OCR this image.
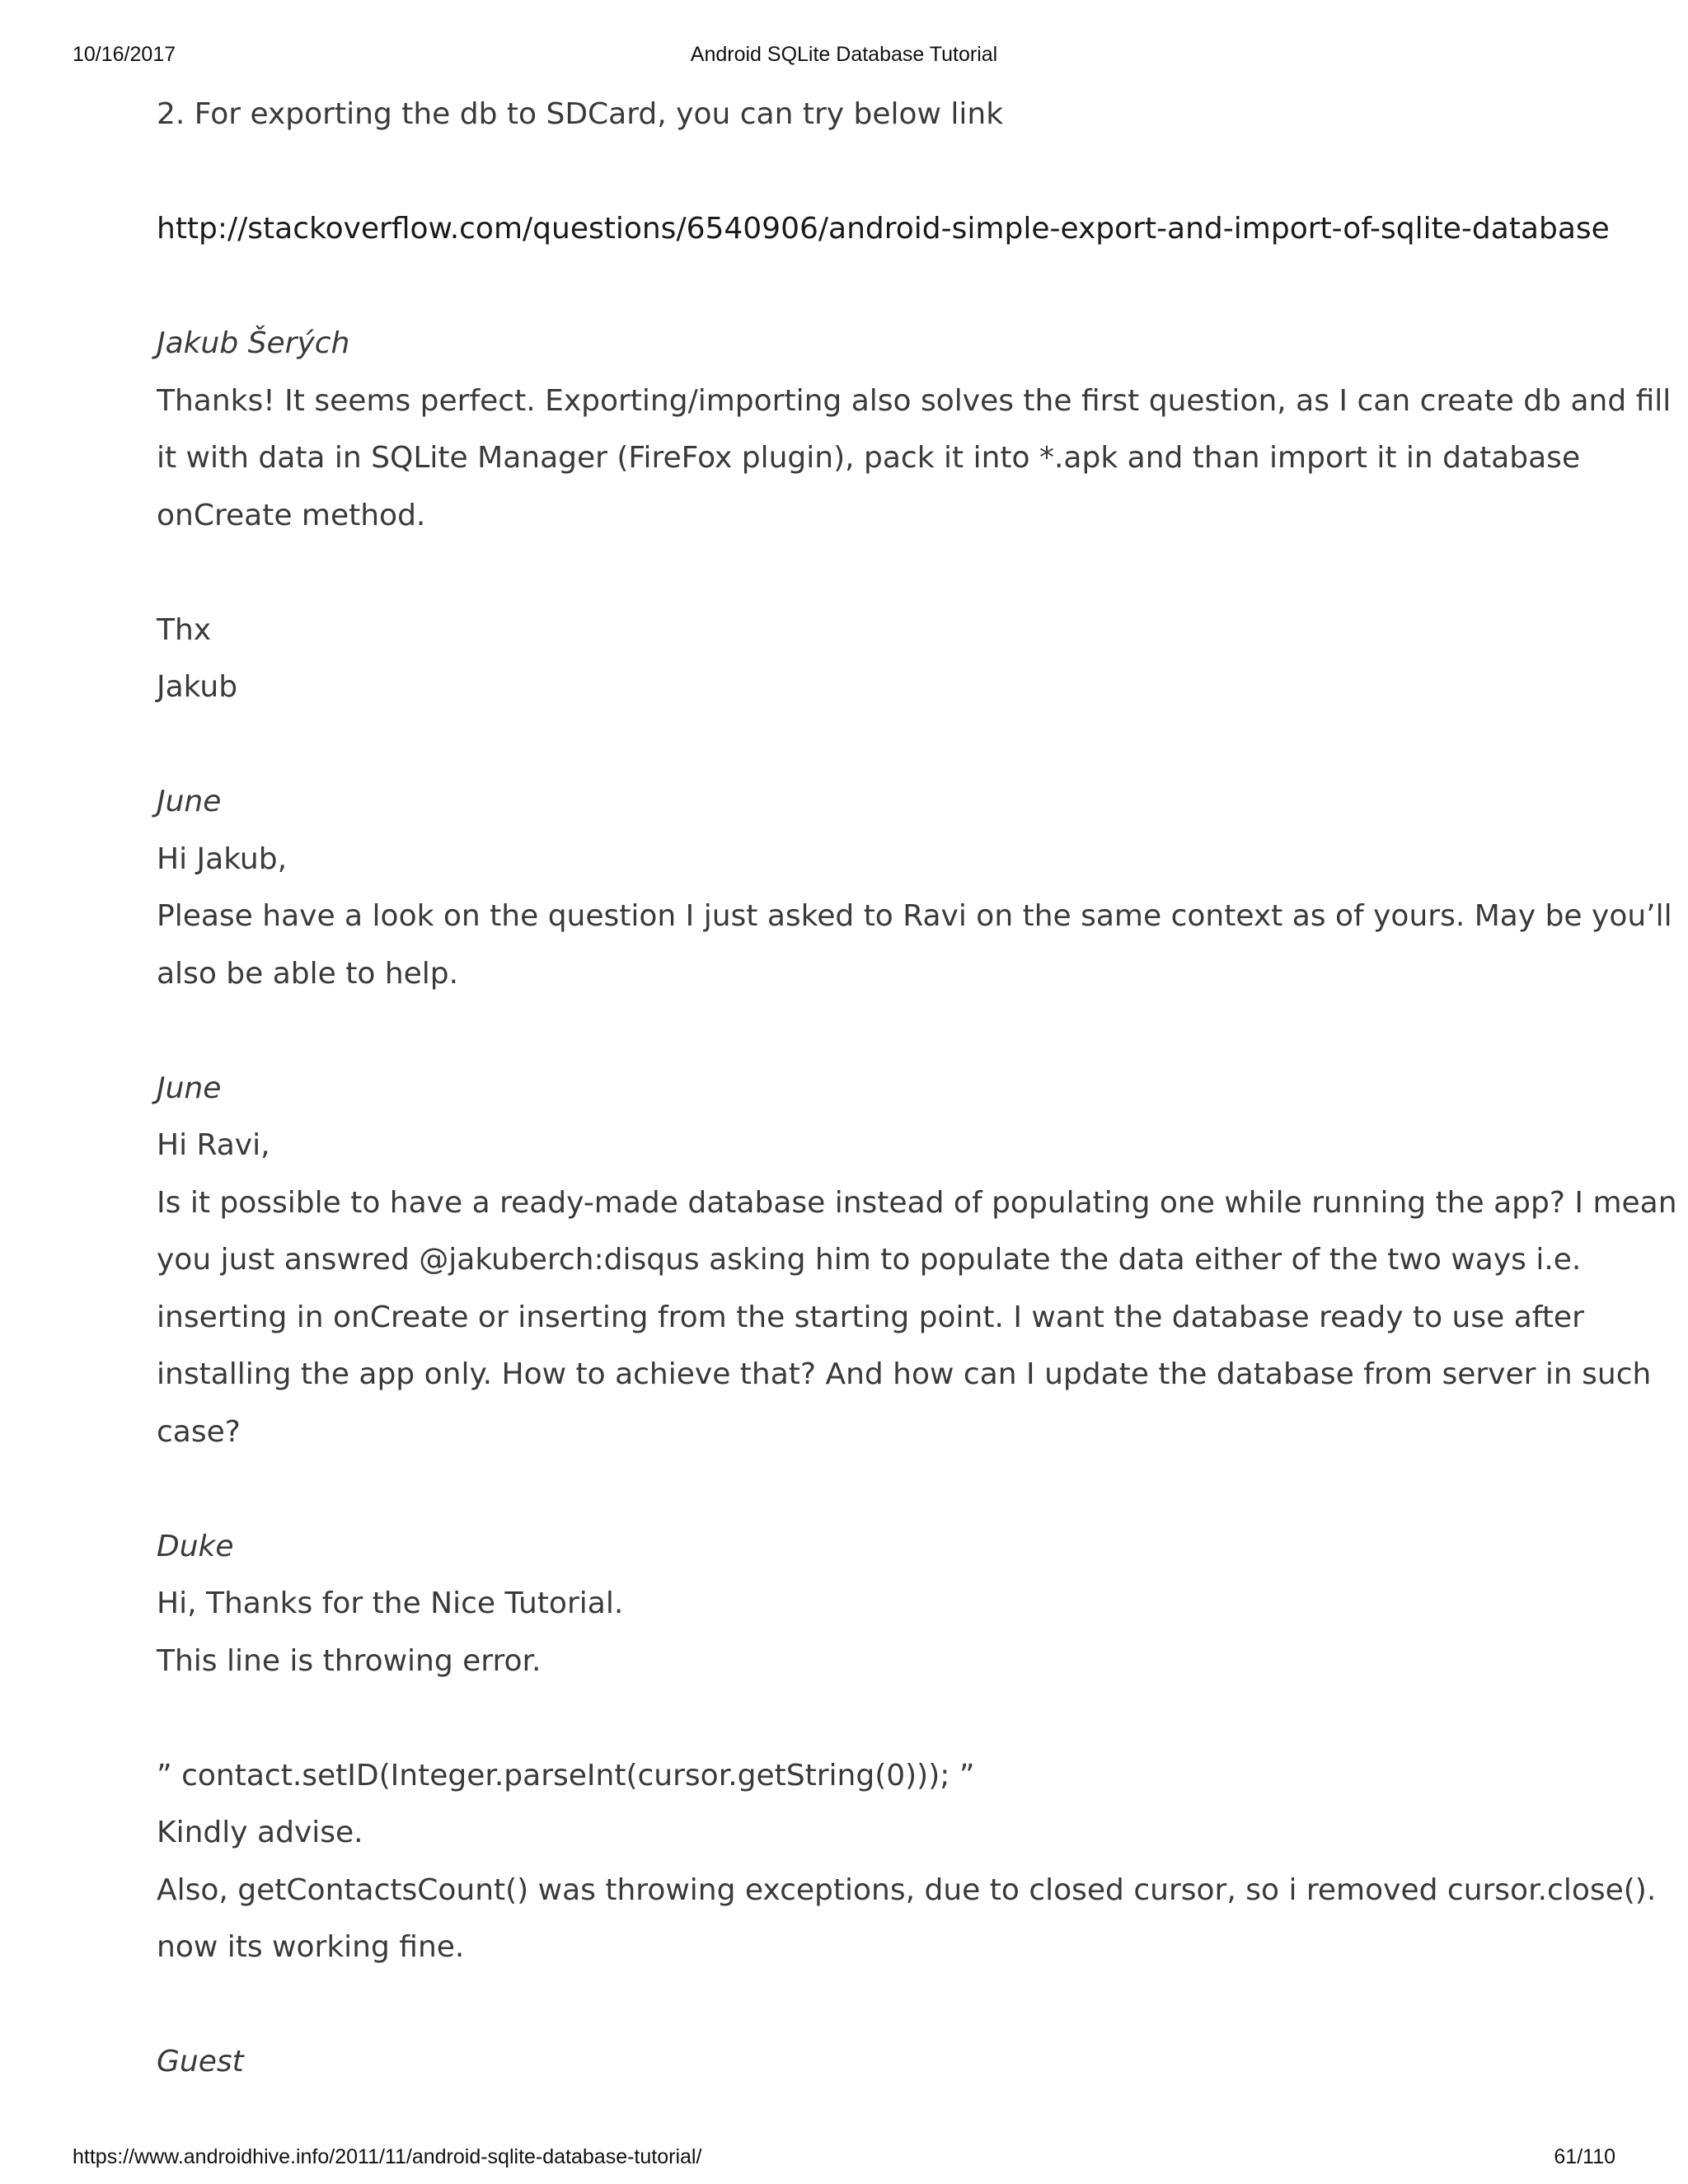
10/16/2017	Android SQLite Database Tutorial
2. For exporting the db to SDCard, you can try below link
http://stackoverflow.com/questions/6540906/android-simple-export-and-import-of-sqlite-database
Jakub Šerých
Thanks! It seems perfect. Exporting/importing also solves the first question, as I can create db and fill
it with data in SQLite Manager (FireFox plugin), pack it into *.apk and than import it in database
onCreate method.
Thx
Jakub
June
Hi Jakub,
Please have a look on the question I just asked to Ravi on the same context as of yours. May be you’ll
also be able to help.
June
Hi Ravi,
Is it possible to have a ready-made database instead of populating one while running the app? I mean
you just answred @jakuberch:disqus asking him to populate the data either of the two ways i.e.
inserting in onCreate or inserting from the starting point. I want the database ready to use after
installing the app only. How to achieve that? And how can I update the database from server in such
case?
Duke
Hi, Thanks for the Nice Tutorial.
This line is throwing error.
” contact.setID(Integer.parseInt(cursor.getString(0))); ”
Kindly advise.
Also, getContactsCount() was throwing exceptions, due to closed cursor, so i removed cursor.close().
now its working fine.
Guest
https://www.androidhive.info/2011/11/android-sqlite-database-tutorial/	61/110
